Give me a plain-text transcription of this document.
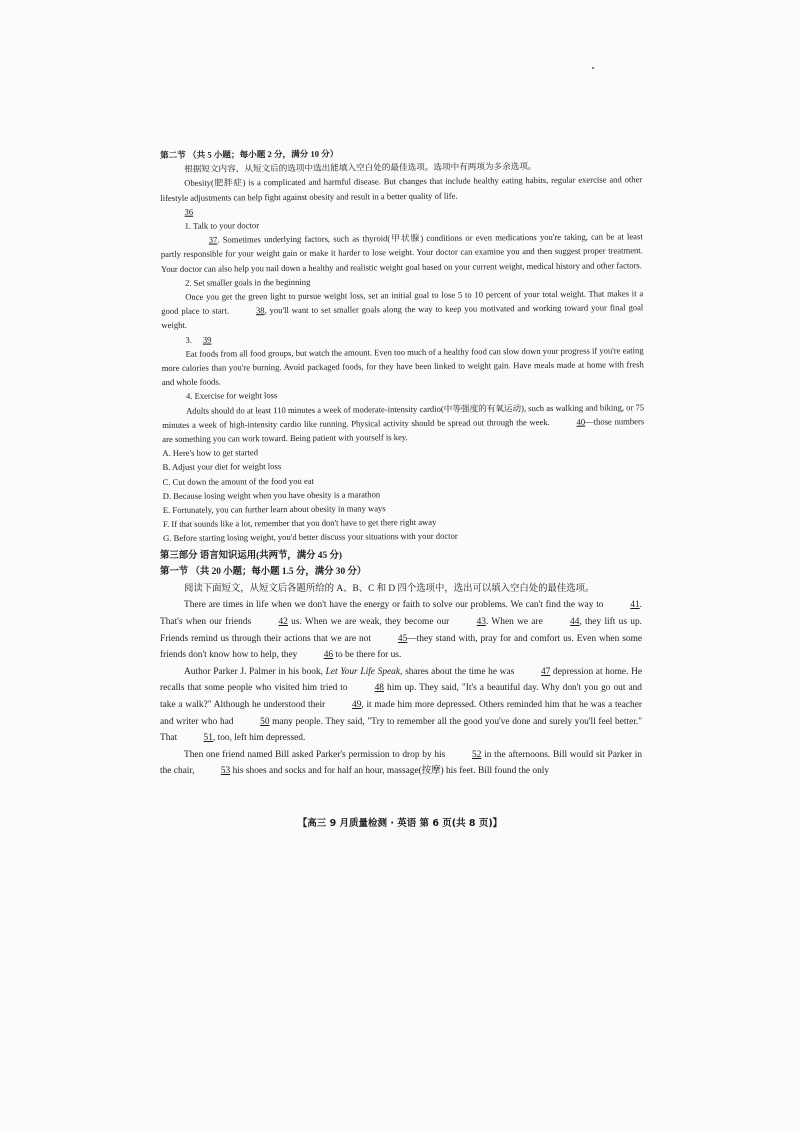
第二节 （共 5 小题；每小题 2 分，满分 10 分）

根据短文内容，从短文后的选项中选出能填入空白处的最佳选项。选项中有两项为多余选项。

Obesity(肥胖症) is a complicated and harmful disease. But changes that include healthy eating habits, regular exercise and other lifestyle adjustments can help fight against obesity and result in a better quality of life.
36

1. Talk to your doctor

37. Sometimes underlying factors, such as thyroid(甲状腺) conditions or even medications you're taking, can be at least partly responsible for your weight gain or make it harder to lose weight. Your doctor can examine you and then suggest proper treatment. Your doctor can also help you nail down a healthy and realistic weight goal based on your current weight, medical history and other factors.

2. Set smaller goals in the beginning

Once you get the green light to pursue weight loss, set an initial goal to lose 5 to 10 percent of your total weight. That makes it a good place to start.	38, you'll want to set smaller goals along the way to keep you motivated and working toward your final goal weight.

3. 39

Eat foods from all food groups, but watch the amount. Even too much of a healthy food can slow down your progress if you're eating more calories than you're burning. Avoid packaged foods, for they have been linked to weight gain. Have meals made at home with fresh and whole foods.

4. Exercise for weight loss

Adults should do at least 110 minutes a week of moderate-intensity cardio(中等强度的有氧运动), such as walking and biking, or 75 minutes a week of high-intensity cardio like running. Physical activity should be spread out through the week.	40—those numbers are something you can work toward. Being patient with yourself is key.

A. Here's how to get started

B. Adjust your diet for weight loss

C. Cut down the amount of the food you eat

D. Because losing weight when you have obesity is a marathon

E. Fortunately, you can further learn about obesity in many ways

F. If that sounds like a lot, remember that you don't have to get there right away

G. Before starting losing weight, you'd better discuss your situations with your doctor

第三部分 语言知识运用(共两节，满分 45 分)

第一节 （共 20 小题；每小题 1.5 分，满分 30 分）

阅读下面短文，从短文后各题所给的 A、B、C 和 D 四个选项中，选出可以填入空白处的最佳选项。

There are times in life when we don't have the energy or faith to solve our problems. We can't find the way to	41. That's when our friends	42 us. When we are weak, they become our	43. When we are	44, they lift us up. Friends remind us through their actions that we are not	45—they stand with, pray for and comfort us. Even when some friends don't know how to help, they	46 to be there for us.

Author Parker J. Palmer in his book, Let Your Life Speak, shares about the time he was	47 depression at home. He recalls that some people who visited him tried to	48 him up. They said, "It's a beautiful day. Why don't you go out and take a walk?" Although he understood their	49, it made him more depressed. Others reminded him that he was a teacher and writer who had	50 many people. They said, "Try to remember all the good you've done and surely you'll feel better." That	51, too, left him depressed.

Then one friend named Bill asked Parker's permission to drop by his	52 in the afternoons. Bill would sit Parker in the chair,	53 his shoes and socks and for half an hour, massage(按摩) his feet. Bill found the only

【高三 9 月质量检测 · 英语 第 6 页(共 8 页)】
